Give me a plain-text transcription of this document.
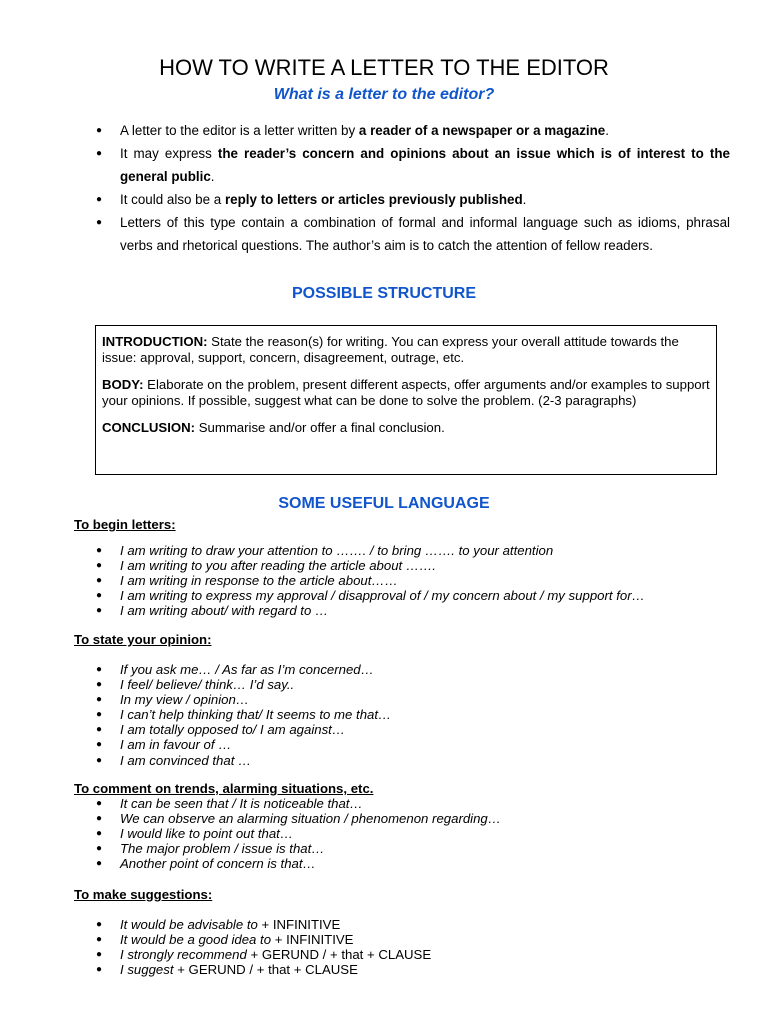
HOW TO WRITE A LETTER TO THE EDITOR
What is a letter to the editor?
● A letter to the editor is a letter written by a reader of a newspaper or a magazine.
● It may express the reader’s concern and opinions about an issue which is of interest to the general public.
● It could also be a reply to letters or articles previously published.
● Letters of this type contain a combination of formal and informal language such as idioms, phrasal verbs and rhetorical questions. The author’s aim is to catch the attention of fellow readers.
POSSIBLE STRUCTURE

INTRODUCTION: State the reason(s) for writing. You can express your overall attitude towards the issue: approval, support, concern, disagreement, outrage, etc.

BODY: Elaborate on the problem, present different aspects, offer arguments and/or examples to support your opinions. If possible, suggest what can be done to solve the problem. (2-3 paragraphs)

CONCLUSION: Summarise and/or offer a final conclusion.

SOME USEFUL LANGUAGE
To begin letters:
● I am writing to draw your attention to ……. / to bring ……. to your attention
● I am writing to you after reading the article about …….
● I am writing in response to the article about……
● I am writing to express my approval / disapproval of / my concern about / my support for…
● I am writing about/ with regard to …
To state your opinion:
● If you ask me… / As far as I’m concerned…
● I feel/ believe/ think… I’d say..
● In my view / opinion…
● I can’t help thinking that/ It seems to me that…
● I am totally opposed to/ I am against…
● I am in favour of …
● I am convinced that …
To comment on trends, alarming situations, etc.
● It can be seen that / It is noticeable that…
● We can observe an alarming situation / phenomenon regarding…
● I would like to point out that…
● The major problem / issue is that…
● Another point of concern is that…
To make suggestions:
● It would be advisable to + INFINITIVE
● It would be a good idea to + INFINITIVE
● I strongly recommend + GERUND / + that + CLAUSE
● I suggest + GERUND / + that + CLAUSE
